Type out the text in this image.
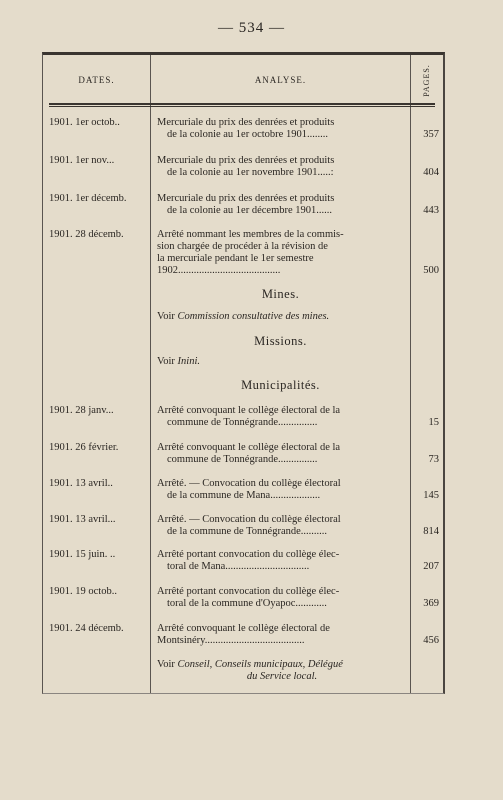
— 534 —
DATES.	ANALYSE.	PAGES.
1901. 1er octob..	Mercuriale du prix des denrées et produits
de la colonie au 1er octobre 1901........	357
1901. 1er nov...	Mercuriale du prix des denrées et produits
de la colonie au 1er novembre 1901.....:	404
1901. 1er décemb.	Mercuriale du prix des denrées et produits
de la colonie au 1er décembre 1901......	443
1901. 28 décemb.	Arrêté nommant les membres de la commis-
sion chargée de procéder à la révision de
la mercuriale pendant le 1er semestre
1902.......................................	500
Mines.
Voir Commission consultative des mines.
Missions.
Voir Inini.
Municipalités.
1901. 28 janv...	Arrêté convoquant le collège électoral de la
commune de Tonnégrande...............	15
1901. 26 février.	Arrêté convoquant le collège électoral de la
commune de Tonnégrande...............	73
1901. 13 avril..	Arrêté. — Convocation du collège électoral
de la commune de Mana...................	145
1901. 13 avril...	Arrêté. — Convocation du collège électoral
de la commune de Tonnégrande..........	814
1901. 15 juin. ..	Arrêté portant convocation du collège élec-
toral de Mana................................	207
1901. 19 octob..	Arrêté portant convocation du collège élec-
toral de la commune d'Oyapoc............	369
1901. 24 décemb.	Arrêté convoquant le collège électoral de
Montsinéry......................................	456
Voir Conseil, Conseils municipaux, Délégué
du Service local.
